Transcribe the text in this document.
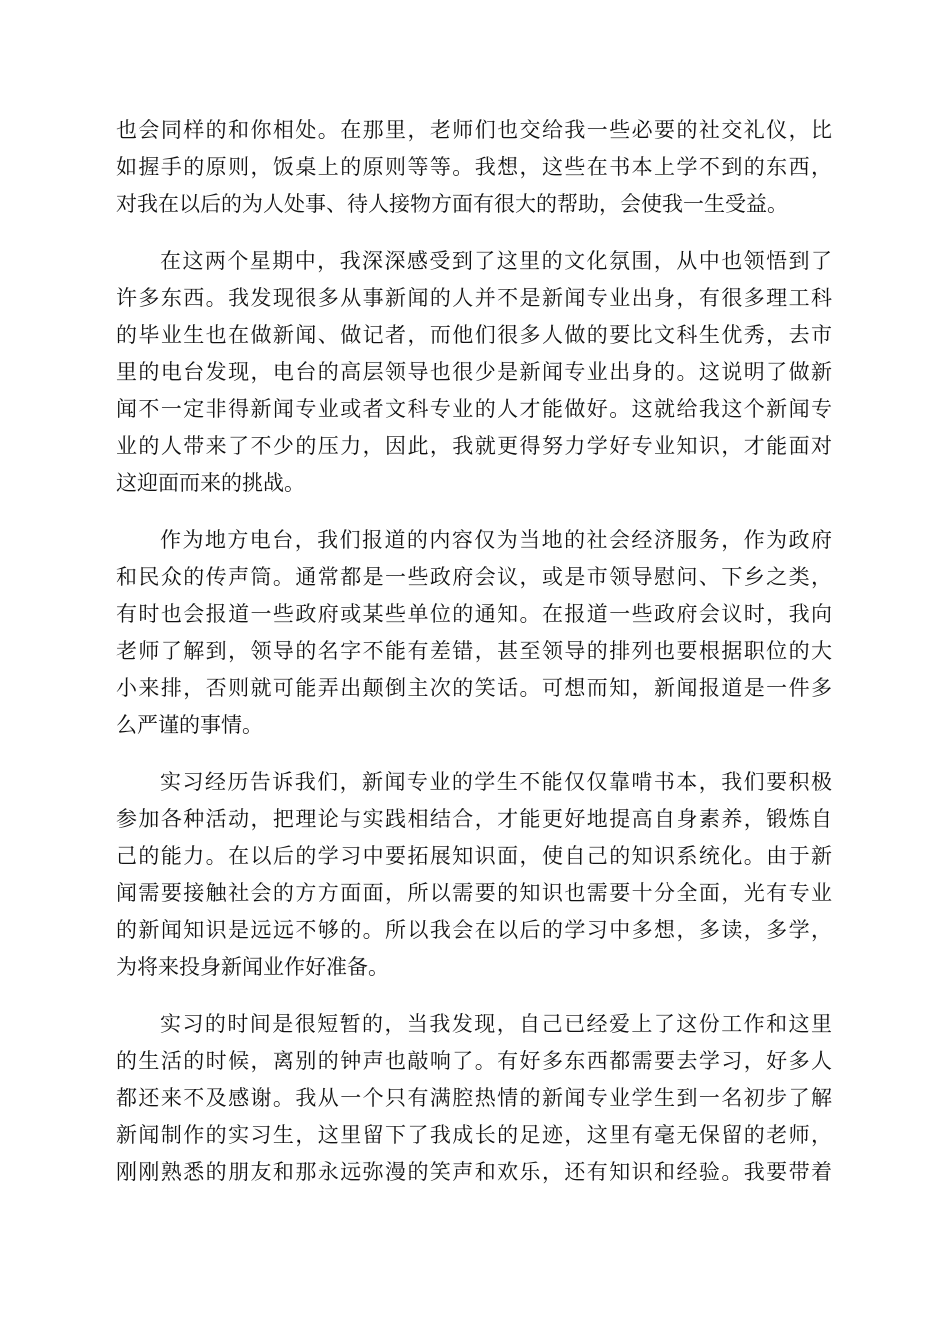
也会同样的和你相处。在那里，老师们也交给我一些必要的社交礼仪，比
如握手的原则，饭桌上的原则等等。我想，这些在书本上学不到的东西，
对我在以后的为人处事、待人接物方面有很大的帮助，会使我一生受益。
在这两个星期中，我深深感受到了这里的文化氛围，从中也领悟到了
许多东西。我发现很多从事新闻的人并不是新闻专业出身，有很多理工科
的毕业生也在做新闻、做记者，而他们很多人做的要比文科生优秀，去市
里的电台发现，电台的高层领导也很少是新闻专业出身的。这说明了做新
闻不一定非得新闻专业或者文科专业的人才能做好。这就给我这个新闻专
业的人带来了不少的压力，因此，我就更得努力学好专业知识，才能面对
这迎面而来的挑战。
作为地方电台，我们报道的内容仅为当地的社会经济服务，作为政府
和民众的传声筒。通常都是一些政府会议，或是市领导慰问、下乡之类，
有时也会报道一些政府或某些单位的通知。在报道一些政府会议时，我向
老师了解到，领导的名字不能有差错，甚至领导的排列也要根据职位的大
小来排，否则就可能弄出颠倒主次的笑话。可想而知，新闻报道是一件多
么严谨的事情。
实习经历告诉我们，新闻专业的学生不能仅仅靠啃书本，我们要积极
参加各种活动，把理论与实践相结合，才能更好地提高自身素养，锻炼自
己的能力。在以后的学习中要拓展知识面，使自己的知识系统化。由于新
闻需要接触社会的方方面面，所以需要的知识也需要十分全面，光有专业
的新闻知识是远远不够的。所以我会在以后的学习中多想，多读，多学，
为将来投身新闻业作好准备。
实习的时间是很短暂的，当我发现，自己已经爱上了这份工作和这里
的生活的时候，离别的钟声也敲响了。有好多东西都需要去学习，好多人
都还来不及感谢。我从一个只有满腔热情的新闻专业学生到一名初步了解
新闻制作的实习生，这里留下了我成长的足迹，这里有毫无保留的老师，
刚刚熟悉的朋友和那永远弥漫的笑声和欢乐，还有知识和经验。我要带着
